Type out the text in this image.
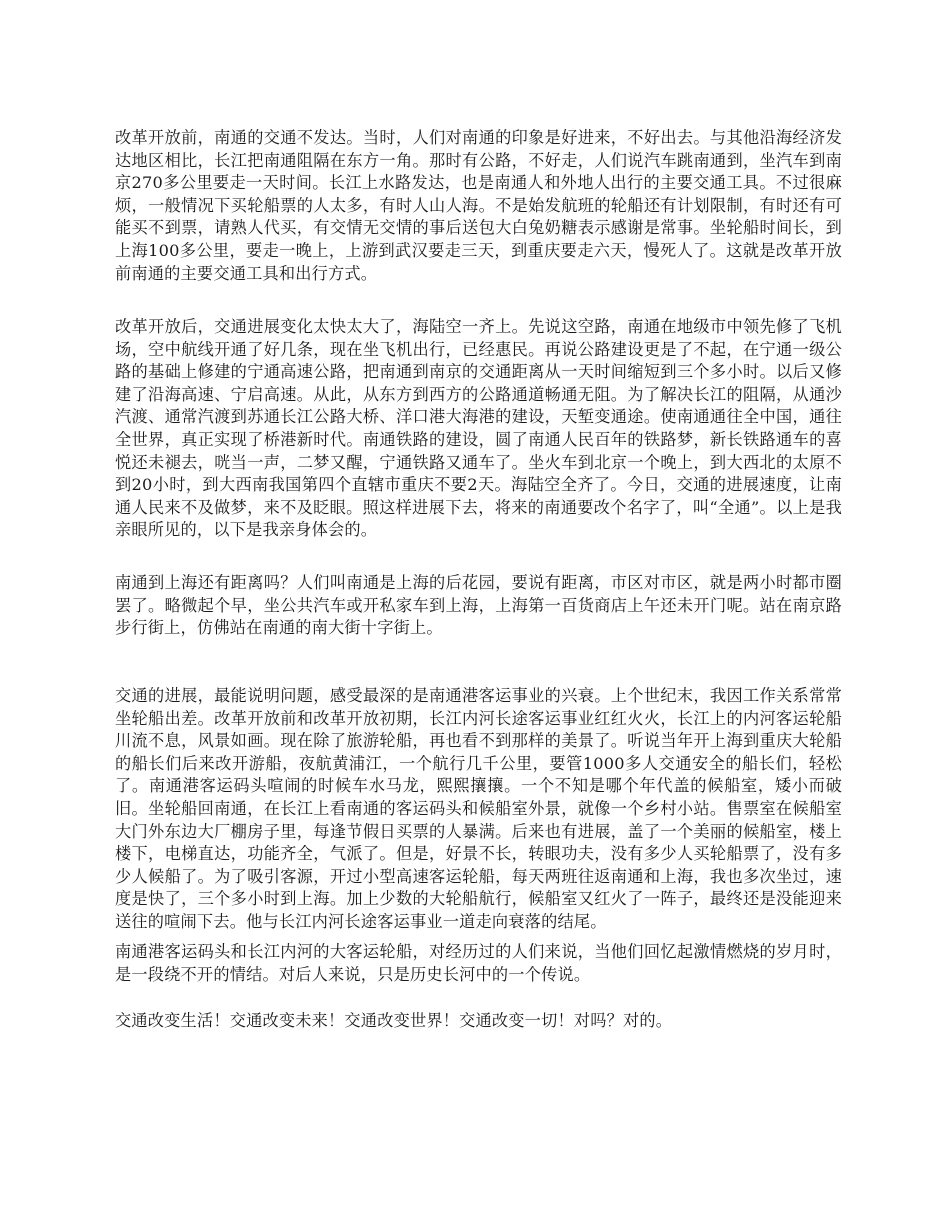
改革开放前，南通的交通不发达。当时，人们对南通的印象是好进来，不好出去。与其他沿海经济发达地区相比，长江把南通阻隔在东方一角。那时有公路，不好走，人们说汽车跳南通到，坐汽车到南京270多公里要走一天时间。长江上水路发达，也是南通人和外地人出行的主要交通工具。不过很麻烦，一般情况下买轮船票的人太多，有时人山人海。不是始发航班的轮船还有计划限制，有时还有可能买不到票，请熟人代买，有交情无交情的事后送包大白兔奶糖表示感谢是常事。坐轮船时间长，到上海100多公里，要走一晚上，上游到武汉要走三天，到重庆要走六天，慢死人了。这就是改革开放前南通的主要交通工具和出行方式。

改革开放后，交通进展变化太快太大了，海陆空一齐上。先说这空路，南通在地级市中领先修了飞机场，空中航线开通了好几条，现在坐飞机出行，已经惠民。再说公路建设更是了不起，在宁通一级公路的基础上修建的宁通高速公路，把南通到南京的交通距离从一天时间缩短到三个多小时。以后又修建了沿海高速、宁启高速。从此，从东方到西方的公路通道畅通无阻。为了解决长江的阻隔，从通沙汽渡、通常汽渡到苏通长江公路大桥、洋口港大海港的建设，天堑变通途。使南通通往全中国，通往全世界，真正实现了桥港新时代。南通铁路的建设，圆了南通人民百年的铁路梦，新长铁路通车的喜悦还未褪去，咣当一声，二梦又醒，宁通铁路又通车了。坐火车到北京一个晚上，到大西北的太原不到20小时，到大西南我国第四个直辖市重庆不要2天。海陆空全齐了。今日，交通的进展速度，让南通人民来不及做梦，来不及眨眼。照这样进展下去，将来的南通要改个名字了，叫“全通”。以上是我亲眼所见的，以下是我亲身体会的。

南通到上海还有距离吗？人们叫南通是上海的后花园，要说有距离，市区对市区，就是两小时都市圈罢了。略微起个早，坐公共汽车或开私家车到上海，上海第一百货商店上午还未开门呢。站在南京路步行街上，仿佛站在南通的南大街十字街上。

交通的进展，最能说明问题，感受最深的是南通港客运事业的兴衰。上个世纪末，我因工作关系常常坐轮船出差。改革开放前和改革开放初期，长江内河长途客运事业红红火火，长江上的内河客运轮船川流不息，风景如画。现在除了旅游轮船，再也看不到那样的美景了。听说当年开上海到重庆大轮船的船长们后来改开游船，夜航黄浦江，一个航行几千公里，要管1000多人交通安全的船长们，轻松了。南通港客运码头喧闹的时候车水马龙，熙熙攘攘。一个不知是哪个年代盖的候船室，矮小而破旧。坐轮船回南通，在长江上看南通的客运码头和候船室外景，就像一个乡村小站。售票室在候船室大门外东边大厂棚房子里，每逢节假日买票的人暴满。后来也有进展，盖了一个美丽的候船室，楼上楼下，电梯直达，功能齐全，气派了。但是，好景不长，转眼功夫，没有多少人买轮船票了，没有多少人候船了。为了吸引客源，开过小型高速客运轮船，每天两班往返南通和上海，我也多次坐过，速度是快了，三个多小时到上海。加上少数的大轮船航行，候船室又红火了一阵子，最终还是没能迎来送往的喧闹下去。他与长江内河长途客运事业一道走向衰落的结尾。

南通港客运码头和长江内河的大客运轮船，对经历过的人们来说，当他们回忆起激情燃烧的岁月时，是一段绕不开的情结。对后人来说，只是历史长河中的一个传说。

交通改变生活！交通改变未来！交通改变世界！交通改变一切！对吗？对的。
